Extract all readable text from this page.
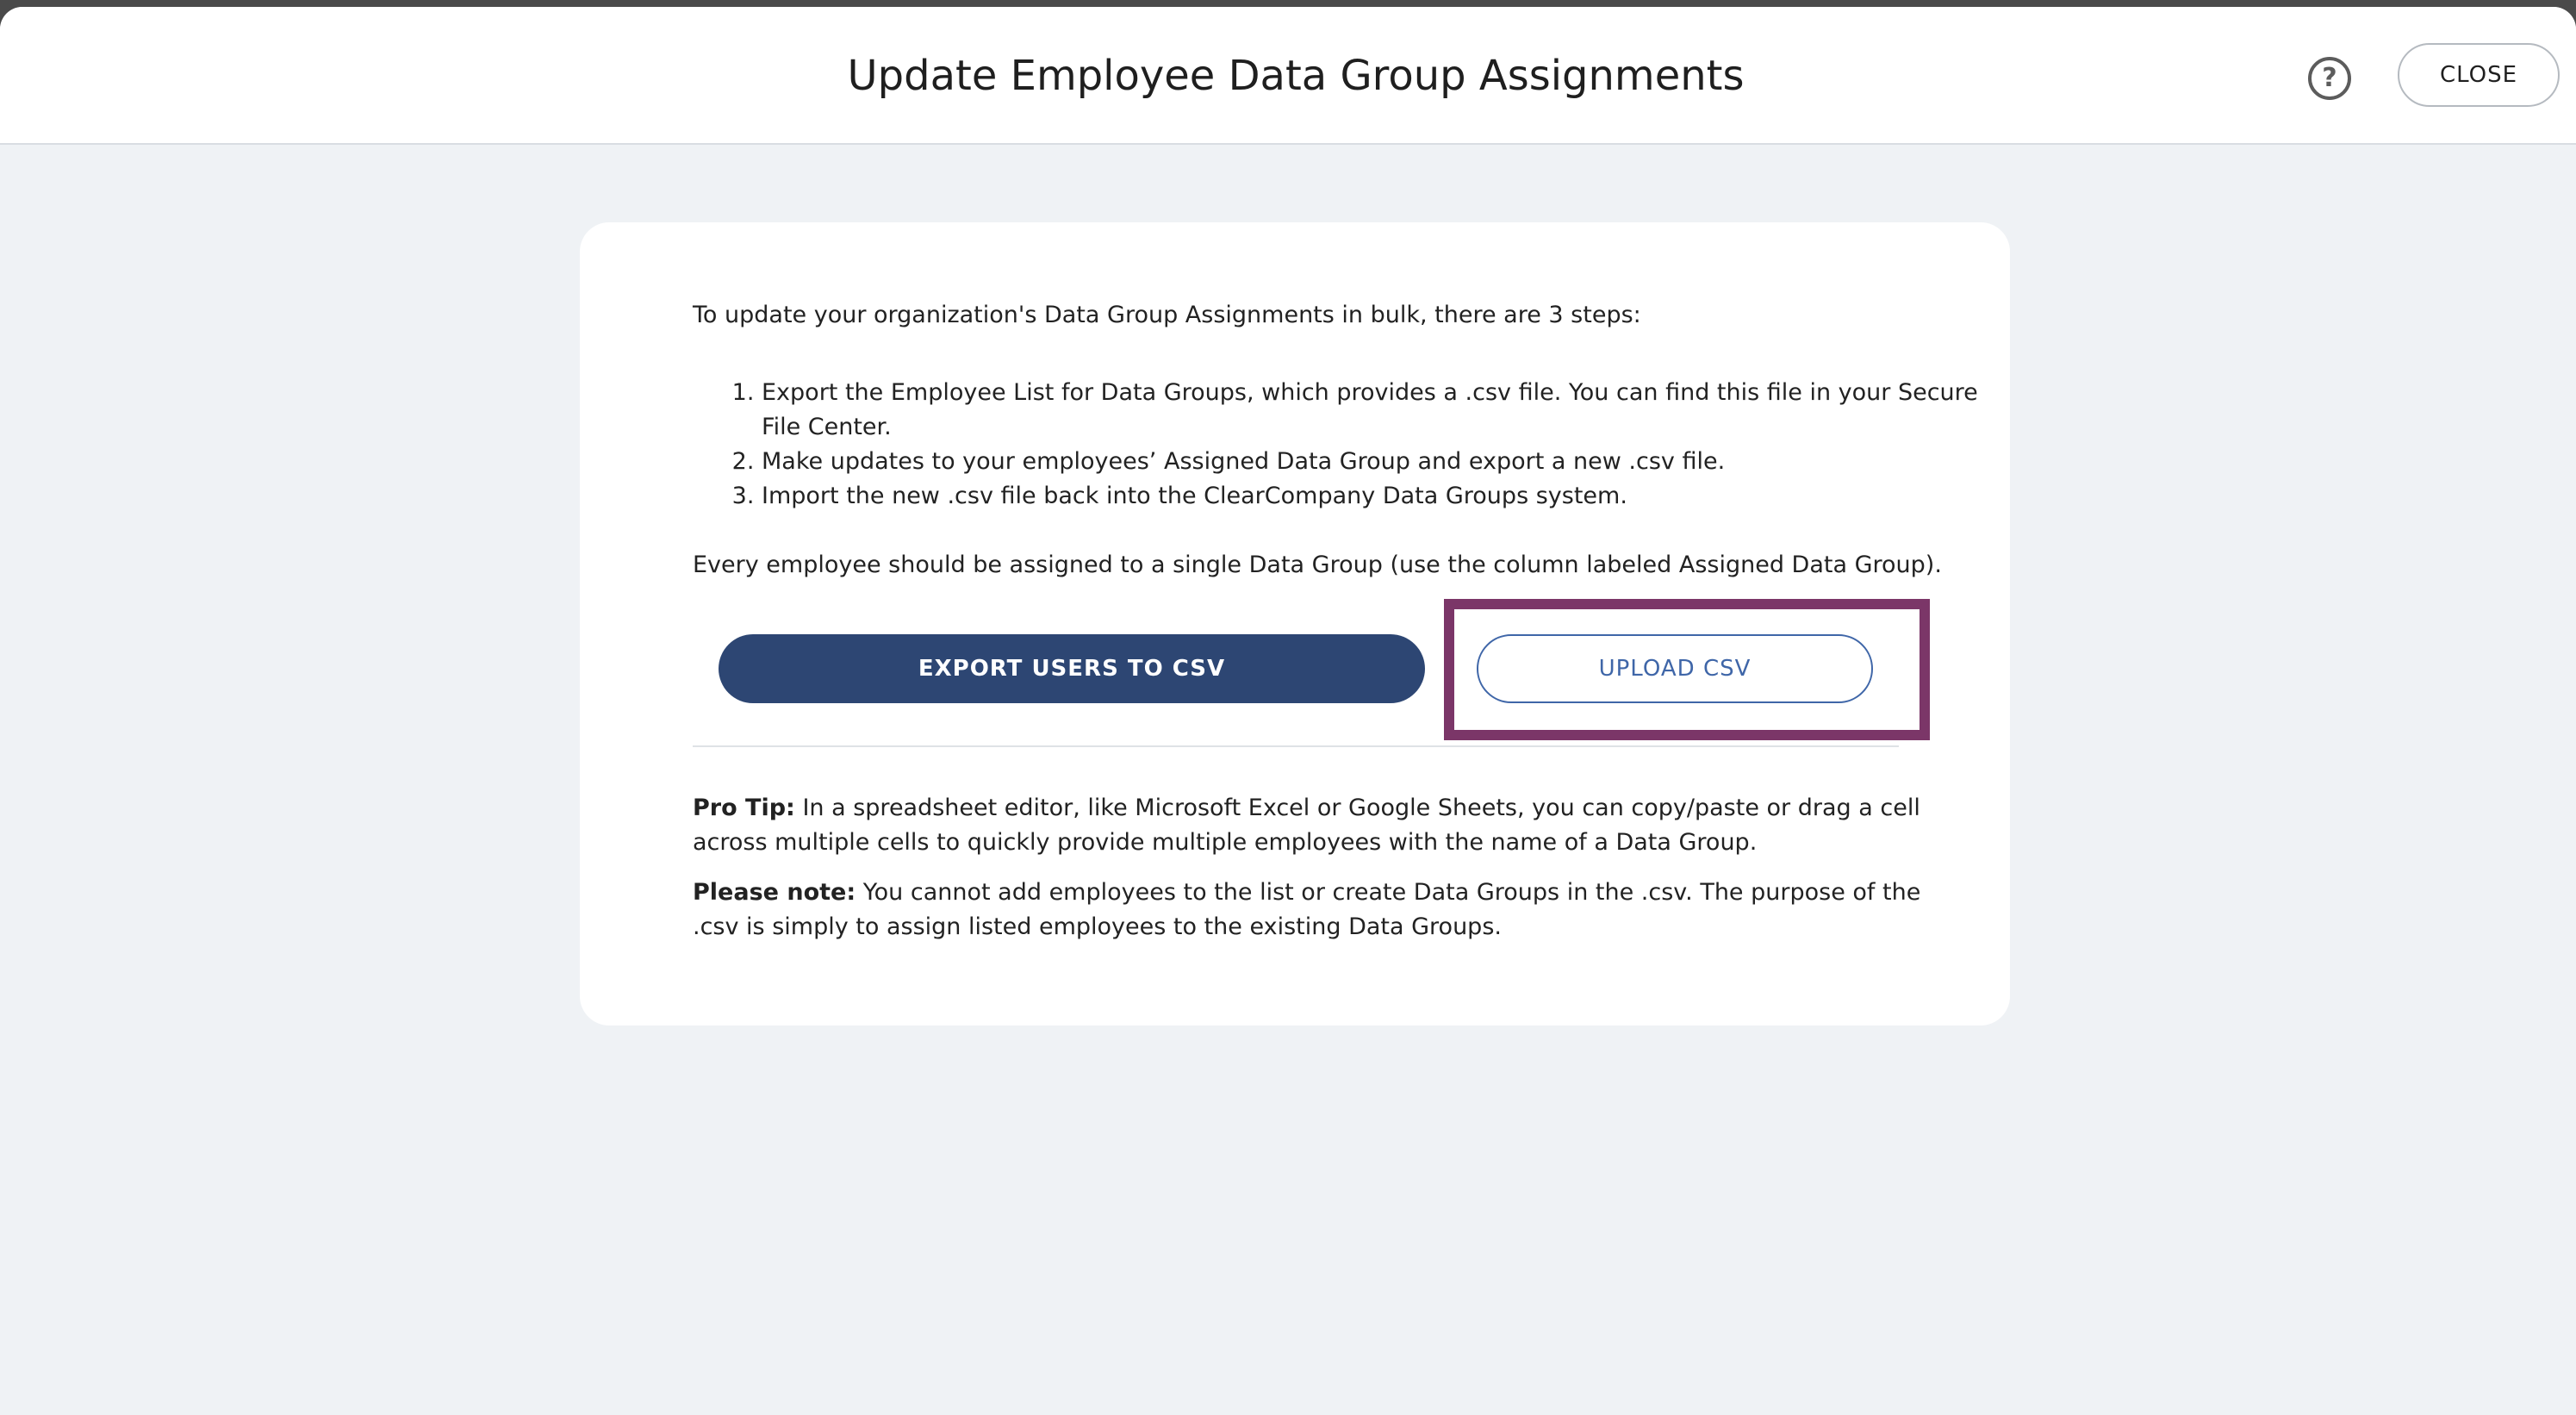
Update Employee Data Group Assignments	?	CLOSE
To update your organization's Data Group Assignments in bulk, there are 3 steps:
1. Export the Employee List for Data Groups, which provides a .csv file. You can find this file in your Secure File Center.
2. Make updates to your employees’ Assigned Data Group and export a new .csv file.
3. Import the new .csv file back into the ClearCompany Data Groups system.
Every employee should be assigned to a single Data Group (use the column labeled Assigned Data Group).
EXPORT USERS TO CSV	UPLOAD CSV
Pro Tip: In a spreadsheet editor, like Microsoft Excel or Google Sheets, you can copy/paste or drag a cell across multiple cells to quickly provide multiple employees with the name of a Data Group.
Please note: You cannot add employees to the list or create Data Groups in the .csv. The purpose of the .csv is simply to assign listed employees to the existing Data Groups.
